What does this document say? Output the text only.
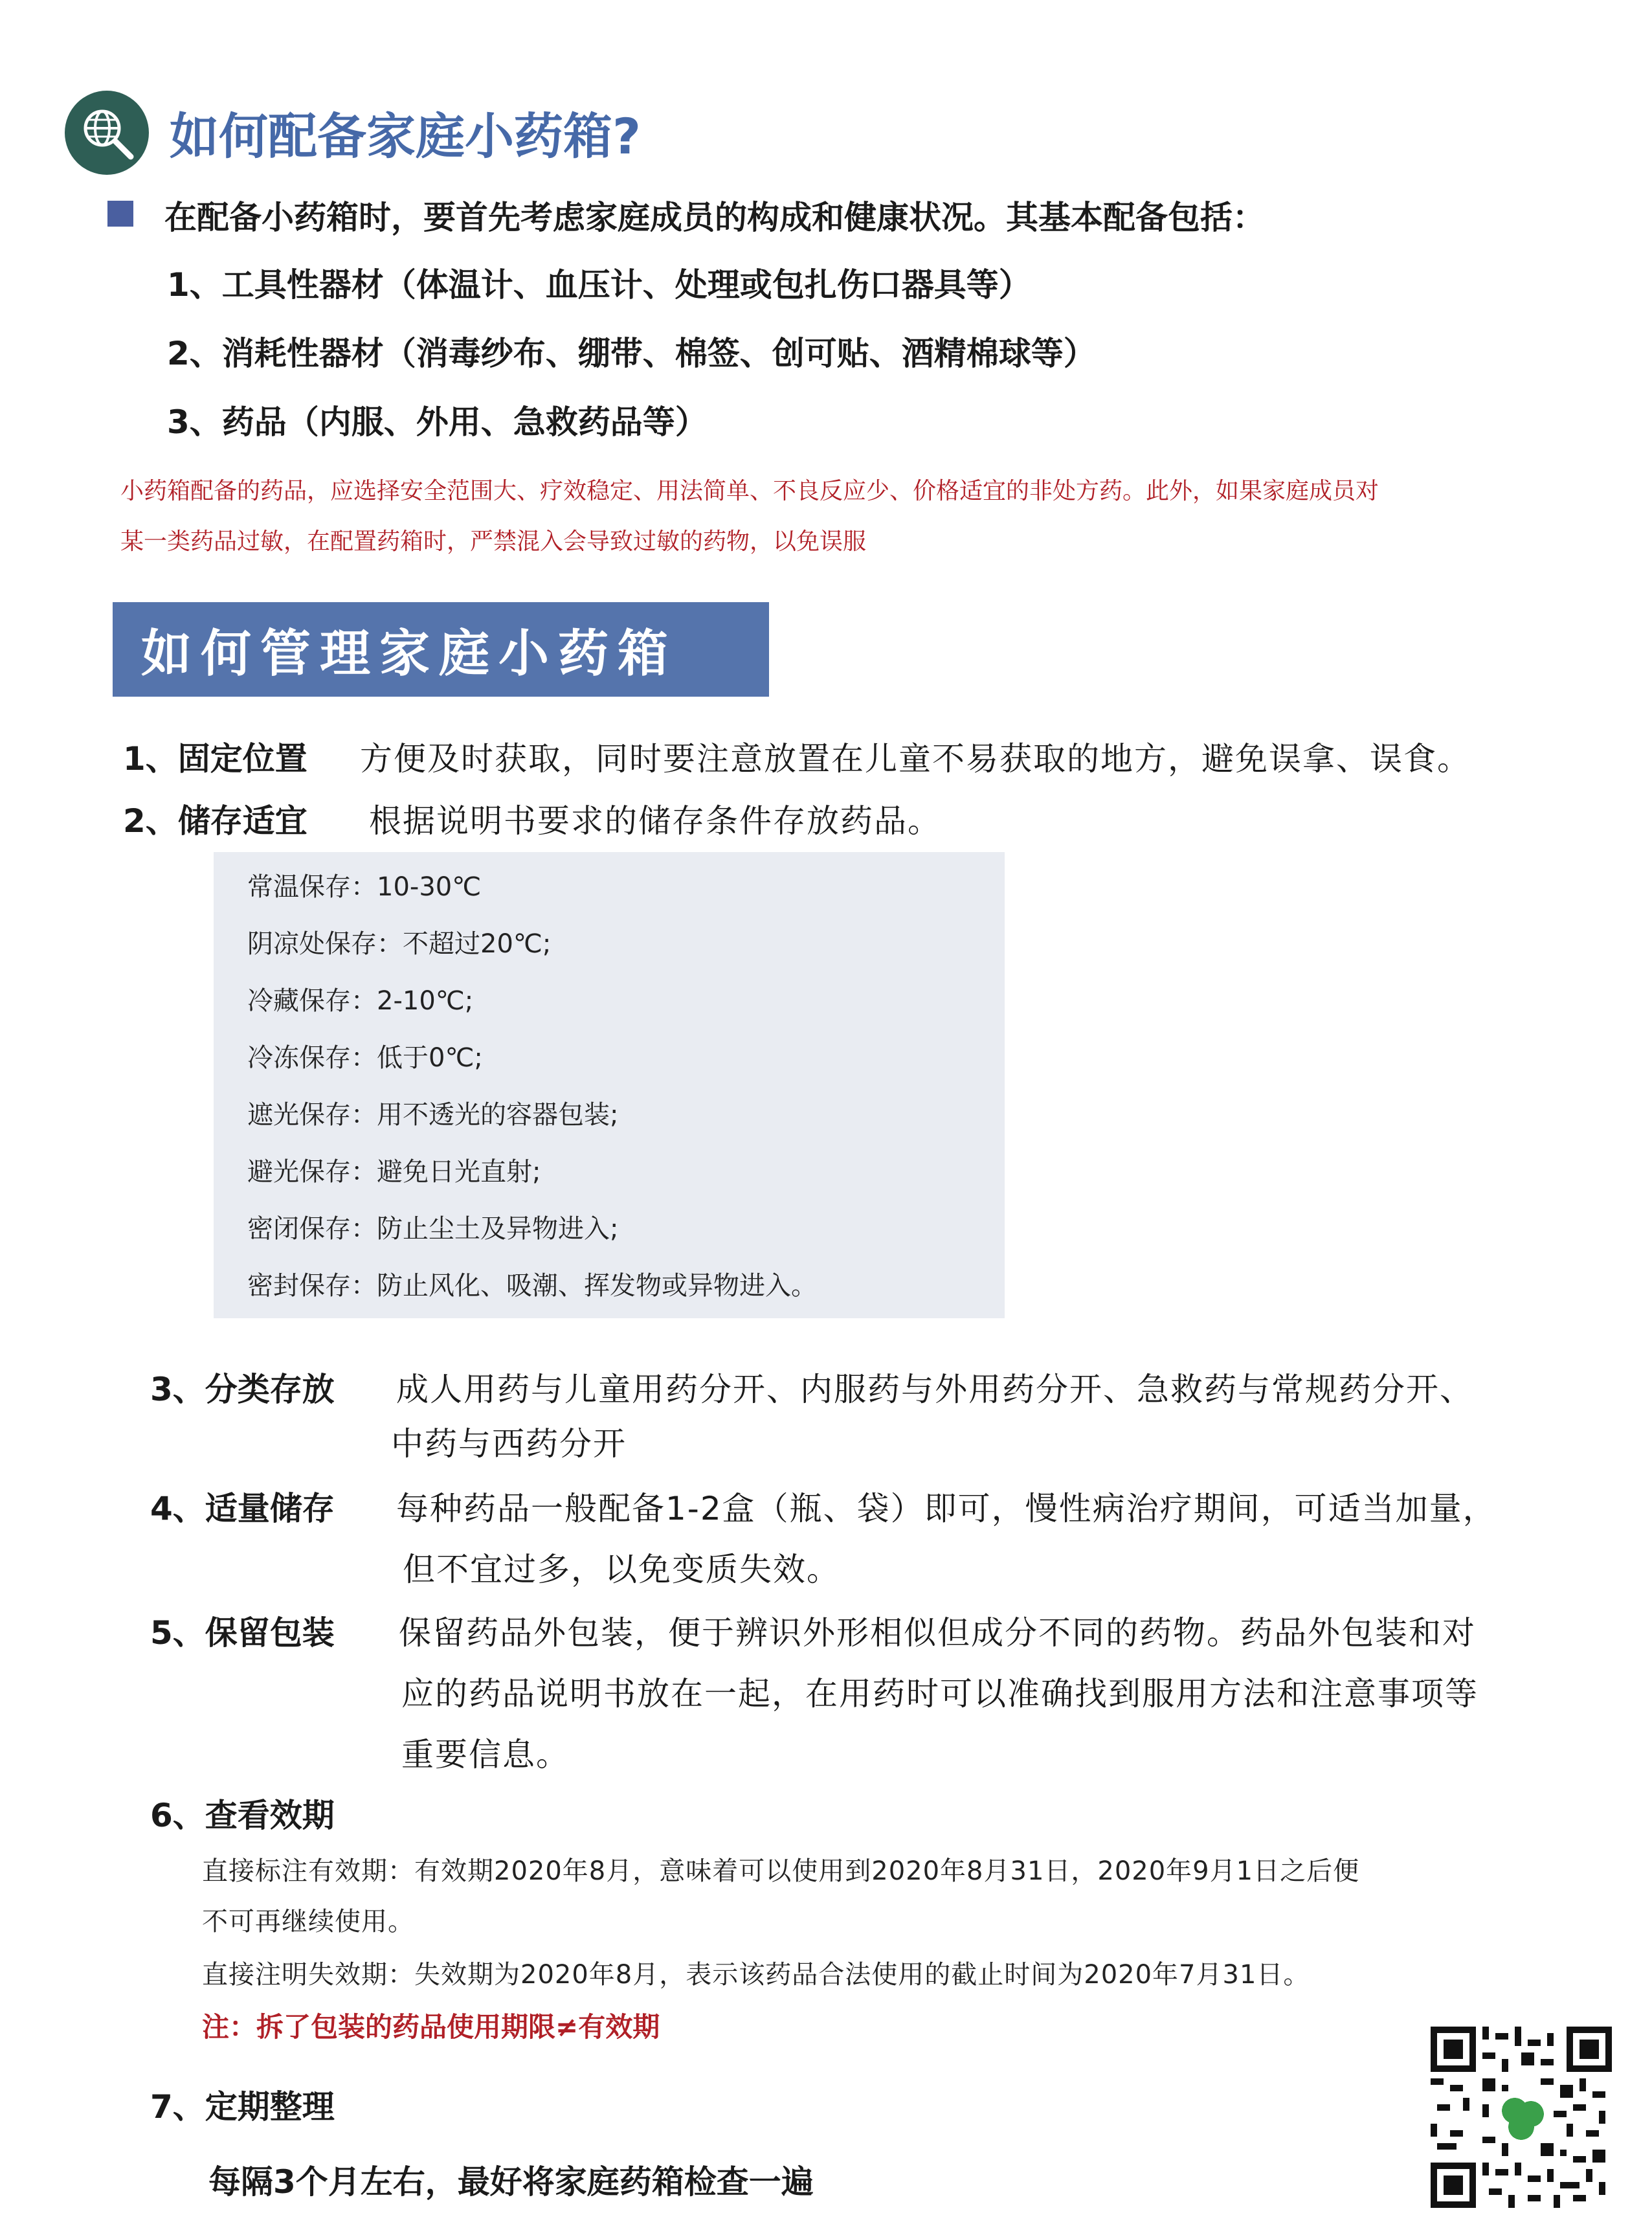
如何配备家庭小药箱?
在配备小药箱时，要首先考虑家庭成员的构成和健康状况。其基本配备包括：
1、工具性器材（体温计、血压计、处理或包扎伤口器具等）
2、消耗性器材（消毒纱布、绷带、棉签、创可贴、酒精棉球等）
3、药品（内服、外用、急救药品等）
小药箱配备的药品，应选择安全范围大、疗效稳定、用法简单、不良反应少、价格适宜的非处方药。此外，如果家庭成员对
某一类药品过敏，在配置药箱时，严禁混入会导致过敏的药物，以免误服
如何管理家庭小药箱
1、固定位置 方便及时获取，同时要注意放置在儿童不易获取的地方，避免误拿、误食。
2、储存适宜 根据说明书要求的储存条件存放药品。
常温保存：10-30℃
阴凉处保存：不超过20℃;
冷藏保存：2-10℃;
冷冻保存：低于0℃;
遮光保存：用不透光的容器包装;
避光保存：避免日光直射;
密闭保存：防止尘土及异物进入;
密封保存：防止风化、吸潮、挥发物或异物进入。
3、分类存放 成人用药与儿童用药分开、内服药与外用药分开、急救药与常规药分开、
中药与西药分开
4、适量储存 每种药品一般配备1-2盒（瓶、袋）即可，慢性病治疗期间，可适当加量，
但不宜过多，以免变质失效。
5、保留包装 保留药品外包装，便于辨识外形相似但成分不同的药物。药品外包装和对
应的药品说明书放在一起，在用药时可以准确找到服用方法和注意事项等
重要信息。
6、查看效期
直接标注有效期：有效期2020年8月，意味着可以使用到2020年8月31日，2020年9月1日之后便
不可再继续使用。
直接注明失效期：失效期为2020年8月，表示该药品合法使用的截止时间为2020年7月31日。
注：拆了包装的药品使用期限≠有效期
7、定期整理
每隔3个月左右，最好将家庭药箱检查一遍
